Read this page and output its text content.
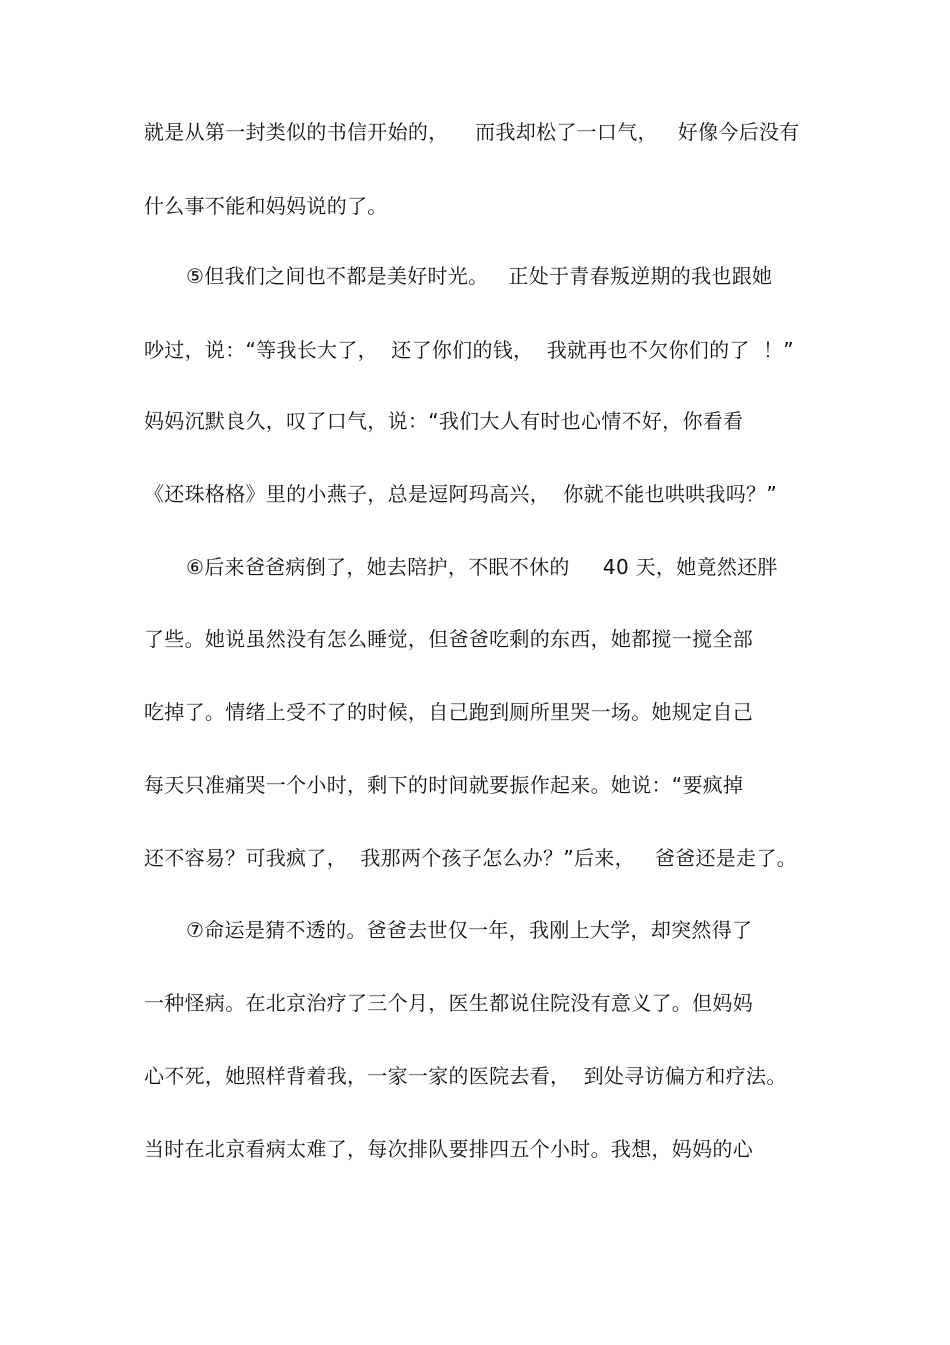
就是从第一封类似的书信开始的，    而我却松了一口气，   好像今后没有
什么事不能和妈妈说的了。
⑤但我们之间也不都是美好时光。   正处于青春叛逆期的我也跟她
吵过，说：“等我长大了，  还了你们的钱，  我就再也不欠你们的了  ！”
妈妈沉默良久，叹了口气，说：“我们大人有时也心情不好，你看看
《还珠格格》里的小燕子，总是逗阿玛高兴，  你就不能也哄哄我吗？”
⑥后来爸爸病倒了，她去陪护，不眠不休的     40 天，她竟然还胖
了些。她说虽然没有怎么睡觉，但爸爸吃剩的东西，她都搅一搅全部
吃掉了。情绪上受不了的时候，自己跑到厕所里哭一场。她规定自己
每天只准痛哭一个小时，剩下的时间就要振作起来。她说：“要疯掉
还不容易？可我疯了，  我那两个孩子怎么办？”后来，   爸爸还是走了。
⑦命运是猜不透的。爸爸去世仅一年，我刚上大学，却突然得了
一种怪病。在北京治疗了三个月，医生都说住院没有意义了。但妈妈
心不死，她照样背着我，一家一家的医院去看，  到处寻访偏方和疗法。
当时在北京看病太难了，每次排队要排四五个小时。我想，妈妈的心
